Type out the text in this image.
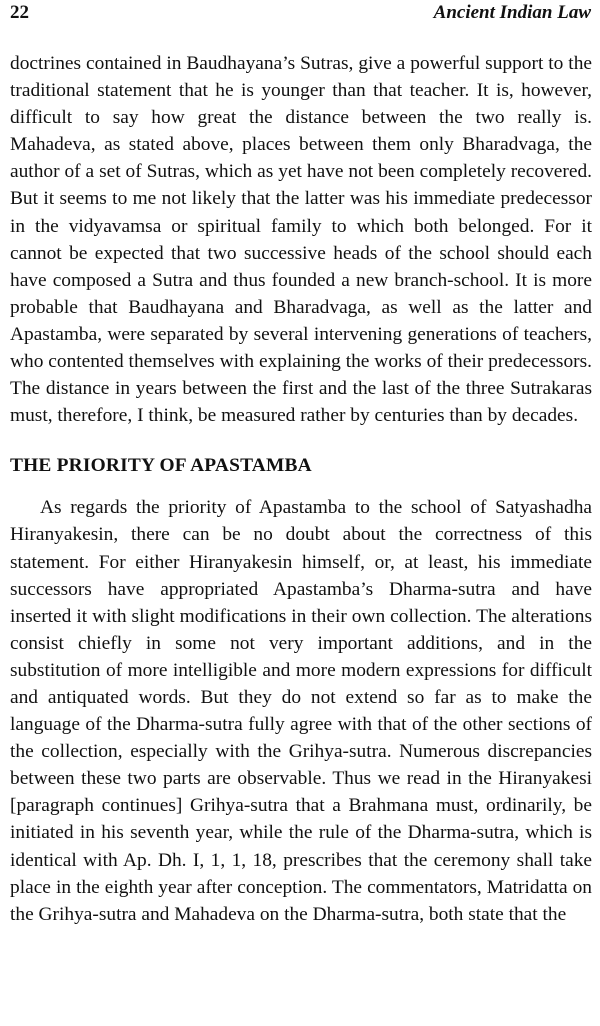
22	Ancient Indian Law

doctrines contained in Baudhayana’s Sutras, give a powerful support to the traditional statement that he is younger than that teacher. It is, however, difficult to say how great the distance between the two really is. Mahadeva, as stated above, places between them only Bharadvaga, the author of a set of Sutras, which as yet have not been completely recovered. But it seems to me not likely that the latter was his immediate predecessor in the vidyavamsa or spiritual family to which both belonged. For it cannot be expected that two successive heads of the school should each have composed a Sutra and thus founded a new branch-school. It is more probable that Baudhayana and Bharadvaga, as well as the latter and Apastamba, were separated by several intervening generations of teachers, who contented themselves with explaining the works of their predecessors. The distance in years between the first and the last of the three Sutrakaras must, therefore, I think, be measured rather by centuries than by decades.

THE PRIORITY OF APASTAMBA

As regards the priority of Apastamba to the school of Satyashadha Hiranyakesin, there can be no doubt about the correctness of this statement. For either Hiranyakesin himself, or, at least, his immediate successors have appropriated Apastamba’s Dharma-sutra and have inserted it with slight modifications in their own collection. The alterations consist chiefly in some not very important additions, and in the substitution of more intelligible and more modern expressions for difficult and antiquated words. But they do not extend so far as to make the language of the Dharma-sutra fully agree with that of the other sections of the collection, especially with the Grihya-sutra. Numerous discrepancies between these two parts are observable. Thus we read in the Hiranyakesi [paragraph continues] Grihya-sutra that a Brahmana must, ordinarily, be initiated in his seventh year, while the rule of the Dharma-sutra, which is identical with Ap. Dh. I, 1, 1, 18, prescribes that the ceremony shall take place in the eighth year after conception. The commentators, Matridatta on the Grihya-sutra and Mahadeva on the Dharma-sutra, both state that the
